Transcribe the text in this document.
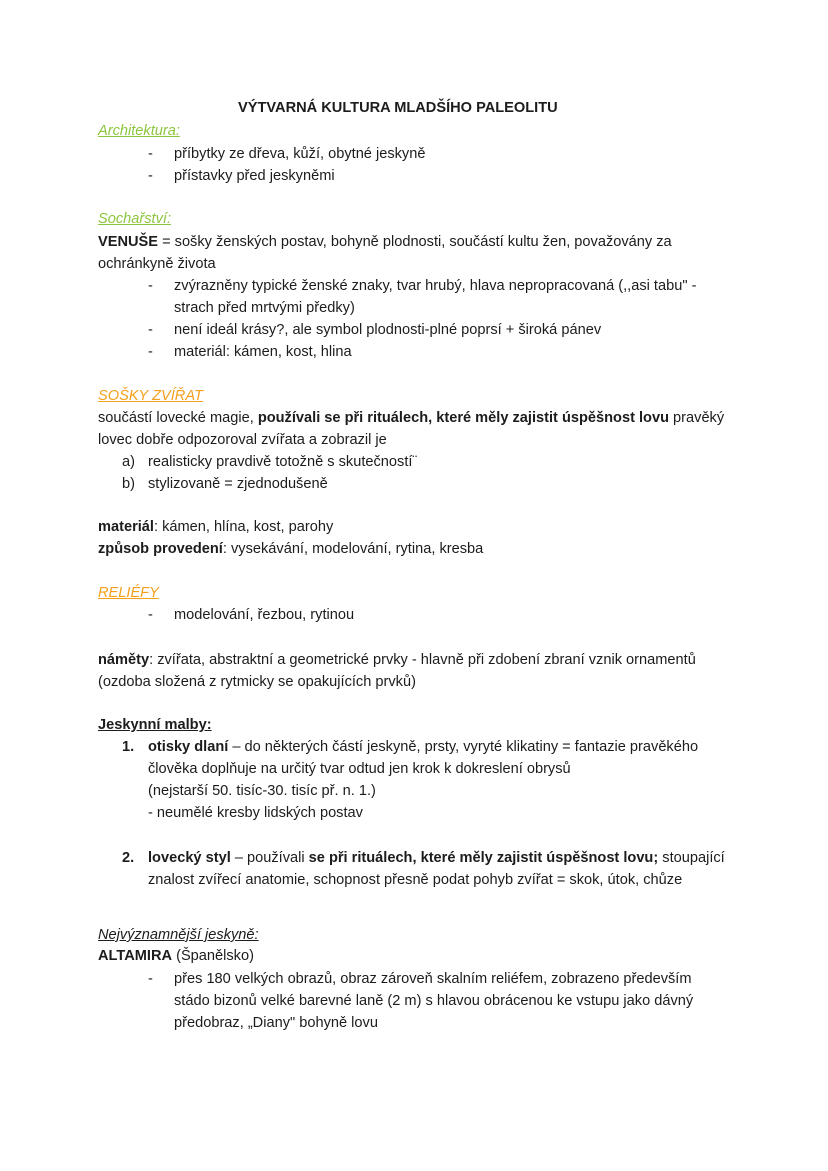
VÝTVARNÁ KULTURA MLADŠÍHO PALEOLITU
Architektura:
- příbytky ze dřeva, kůží, obytné jeskyně
- přístavky před jeskyněmi
Sochařství:
VENUŠE = sošky ženských postav, bohyně plodnosti, součástí kultu žen, považovány za
ochránkyně života
- zvýrazněny typické ženské znaky, tvar hrubý, hlava nepropracovaná (,,asi tabu" -
strach před mrtvými předky)
- není ideál krásy?, ale symbol plodnosti-plné poprsí + široká pánev
- materiál: kámen, kost, hlina
SOŠKY ZVÍŘAT
součástí lovecké magie, používali se při rituálech, které měly zajistit úspěšnost lovu pravěký
lovec dobře odpozoroval zvířata a zobrazil je
a) realisticky pravdivě totožně s skutečností¨
b) stylizovaně = zjednodušeně
materiál: kámen, hlína, kost, parohy
způsob provedení: vysekávání, modelování, rytina, kresba
RELIÉFY
- modelování, řezbou, rytinou
náměty: zvířata, abstraktní a geometrické prvky - hlavně při zdobení zbraní vznik ornamentů
(ozdoba složená z rytmicky se opakujících prvků)
Jeskynní malby:
1. otisky dlaní – do některých částí jeskyně, prsty, vyryté klikatiny = fantazie pravěkého
člověka doplňuje na určitý tvar odtud jen krok k dokreslení obrysů
(nejstarší 50. tisíc-30. tisíc př. n. 1.)
- neumělé kresby lidských postav
2. lovecký styl – používali se při rituálech, které měly zajistit úspěšnost lovu; stoupající
znalost zvířecí anatomie, schopnost přesně podat pohyb zvířat = skok, útok, chůze
Nejvýznamnější jeskyně:
ALTAMIRA (Španělsko)
- přes 180 velkých obrazů, obraz zároveň skalním reliéfem, zobrazeno především
stádo bizonů velké barevné laně (2 m) s hlavou obrácenou ke vstupu jako dávný
předobraz, „Diany" bohyně lovu
